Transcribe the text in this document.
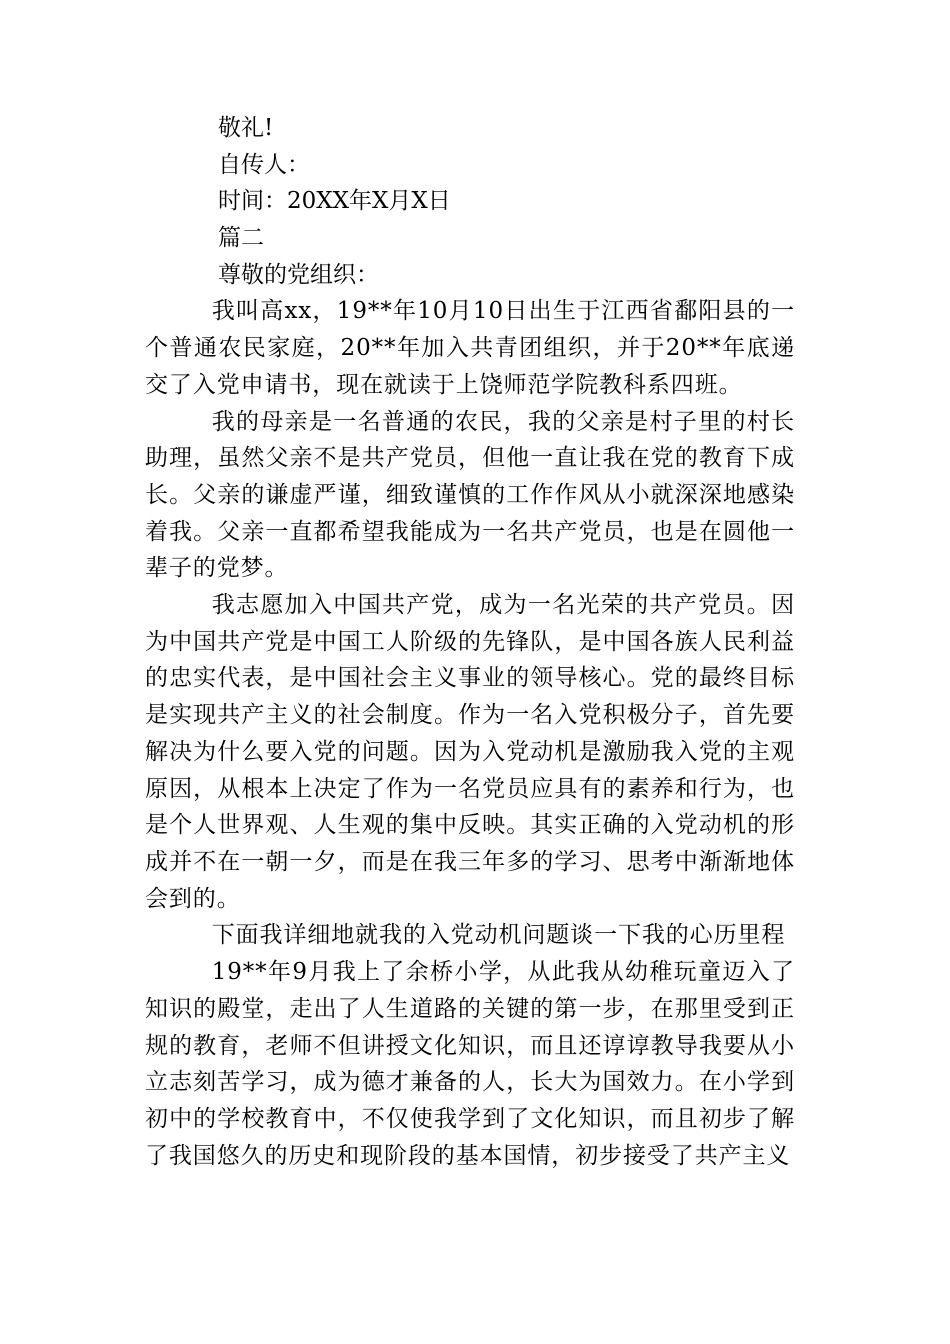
敬礼!

自传人：

时间：20XX年X月X日

篇二

尊敬的党组织：

我叫高xx，19**年10月10日出生于江西省鄱阳县的一个普通农民家庭，20**年加入共青团组织，并于20**年底递交了入党申请书，现在就读于上饶师范学院教科系四班。

我的母亲是一名普通的农民，我的父亲是村子里的村长助理，虽然父亲不是共产党员，但他一直让我在党的教育下成长。父亲的谦虚严谨，细致谨慎的工作作风从小就深深地感染着我。父亲一直都希望我能成为一名共产党员，也是在圆他一辈子的党梦。

我志愿加入中国共产党，成为一名光荣的共产党员。因为中国共产党是中国工人阶级的先锋队，是中国各族人民利益的忠实代表，是中国社会主义事业的领导核心。党的最终目标是实现共产主义的社会制度。作为一名入党积极分子，首先要解决为什么要入党的问题。因为入党动机是激励我入党的主观原因，从根本上决定了作为一名党员应具有的素养和行为，也是个人世界观、人生观的集中反映。其实正确的入党动机的形成并不在一朝一夕，而是在我三年多的学习、思考中渐渐地体会到的。

下面我详细地就我的入党动机问题谈一下我的心历里程

19**年9月我上了余桥小学，从此我从幼稚玩童迈入了知识的殿堂，走出了人生道路的关键的第一步，在那里受到正规的教育，老师不但讲授文化知识，而且还谆谆教导我要从小立志刻苦学习，成为德才兼备的人，长大为国效力。在小学到初中的学校教育中，不仅使我学到了文化知识，而且初步了解了我国悠久的历史和现阶段的基本国情，初步接受了共产主义
